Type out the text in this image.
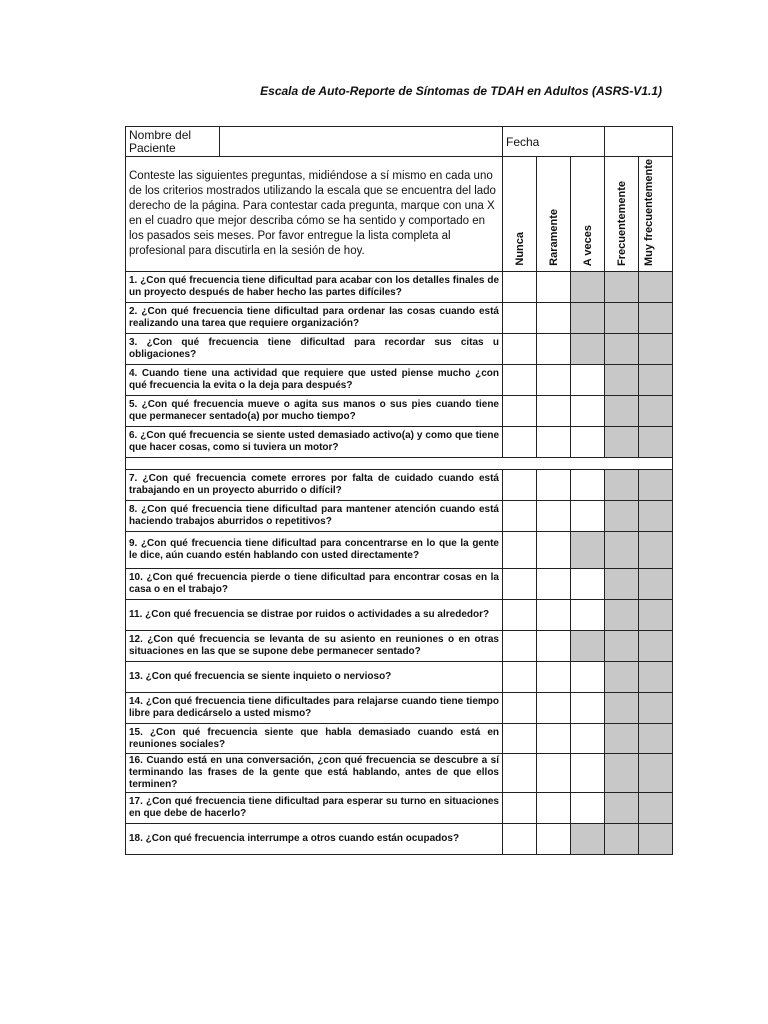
Escala de Auto-Reporte de Síntomas de TDAH en Adultos (ASRS-V1.1)
Nombre del Paciente		Fecha				
Conteste las siguientes preguntas, midiéndose a sí mismo en cada uno de los criterios mostrados utilizando la escala que se encuentra del lado derecho de la página. Para contestar cada pregunta, marque con una X en el cuadro que mejor describa cómo se ha sentido y comportado en los pasados seis meses. Por favor entregue la lista completa al profesional para discutirla en la sesión de hoy.		Nunca	Raramente	A veces	Frecuentemente	Muy frecuentemente

1. ¿Con qué frecuencia tiene dificultad para acabar con los detalles finales de un proyecto después de haber hecho las partes difíciles?						
2. ¿Con qué frecuencia tiene dificultad para ordenar las cosas cuando está realizando una tarea que requiere organización?						
3. ¿Con qué frecuencia tiene dificultad para recordar sus citas u obligaciones?						
4. Cuando tiene una actividad que requiere que usted piense mucho ¿con qué frecuencia la evita o la deja para después?						
5. ¿Con qué frecuencia mueve o agita sus manos o sus pies cuando tiene que permanecer sentado(a) por mucho tiempo?						
6. ¿Con qué frecuencia se siente usted demasiado activo(a) y como que tiene que hacer cosas, como si tuviera un motor?						

7. ¿Con qué frecuencia comete errores por falta de cuidado cuando está trabajando en un proyecto aburrido o difícil?						
8. ¿Con qué frecuencia tiene dificultad para mantener atención cuando está haciendo trabajos aburridos o repetitivos?						
9. ¿Con qué frecuencia tiene dificultad para concentrarse en lo que la gente le dice, aún cuando estén hablando con usted directamente?						
10. ¿Con qué frecuencia pierde o tiene dificultad para encontrar cosas en la casa o en el trabajo?						
11. ¿Con qué frecuencia se distrae por ruidos o actividades a su alrededor?						
12. ¿Con qué frecuencia se levanta de su asiento en reuniones o en otras situaciones en las que se supone debe permanecer sentado?						
13. ¿Con qué frecuencia se siente inquieto o nervioso?						
14. ¿Con qué frecuencia tiene dificultades para relajarse cuando tiene tiempo libre para dedicárselo a usted mismo?						
15. ¿Con qué frecuencia siente que habla demasiado cuando está en reuniones sociales?						
16. Cuando está en una conversación, ¿con qué frecuencia se descubre a sí terminando las frases de la gente que está hablando, antes de que ellos terminen?						
17. ¿Con qué frecuencia tiene dificultad para esperar su turno en situaciones en que debe de hacerlo?						
18. ¿Con qué frecuencia interrumpe a otros cuando están ocupados?						
